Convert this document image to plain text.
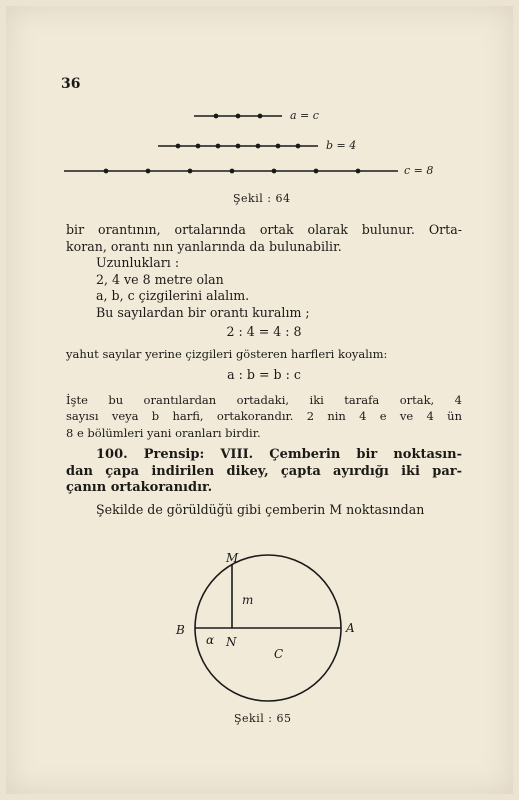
36
a = c
b = 4
c = 8
Şekil : 64

bir orantının, ortalarında ortak olarak bulunur. Orta-

koran, orantı nın yanlarında da bulunabilir.

Uzunlukları :

2, 4 ve 8 metre olan

a, b, c çizgilerini alalım.

Bu sayılardan bir orantı kuralım ;

2 : 4 = 4 : 8

yahut sayılar yerine çizgileri gösteren harfleri koyalım:

a : b = b : c

İşte bu orantılardan ortadaki, iki tarafa ortak, 4

sayısı veya b harfi, ortakorandır. 2 nin 4 e ve 4 ün

8 e bölümleri yani oranları birdir.

100. Prensip: VIII. Çemberin bir noktasın-

dan çapa indirilen dikey, çapta ayırdığı iki par-

çanın ortakoranıdır.

Şekilde de görüldüğü gibi çemberin M noktasından

M
m
B	A
α N
C
Şekil : 65
